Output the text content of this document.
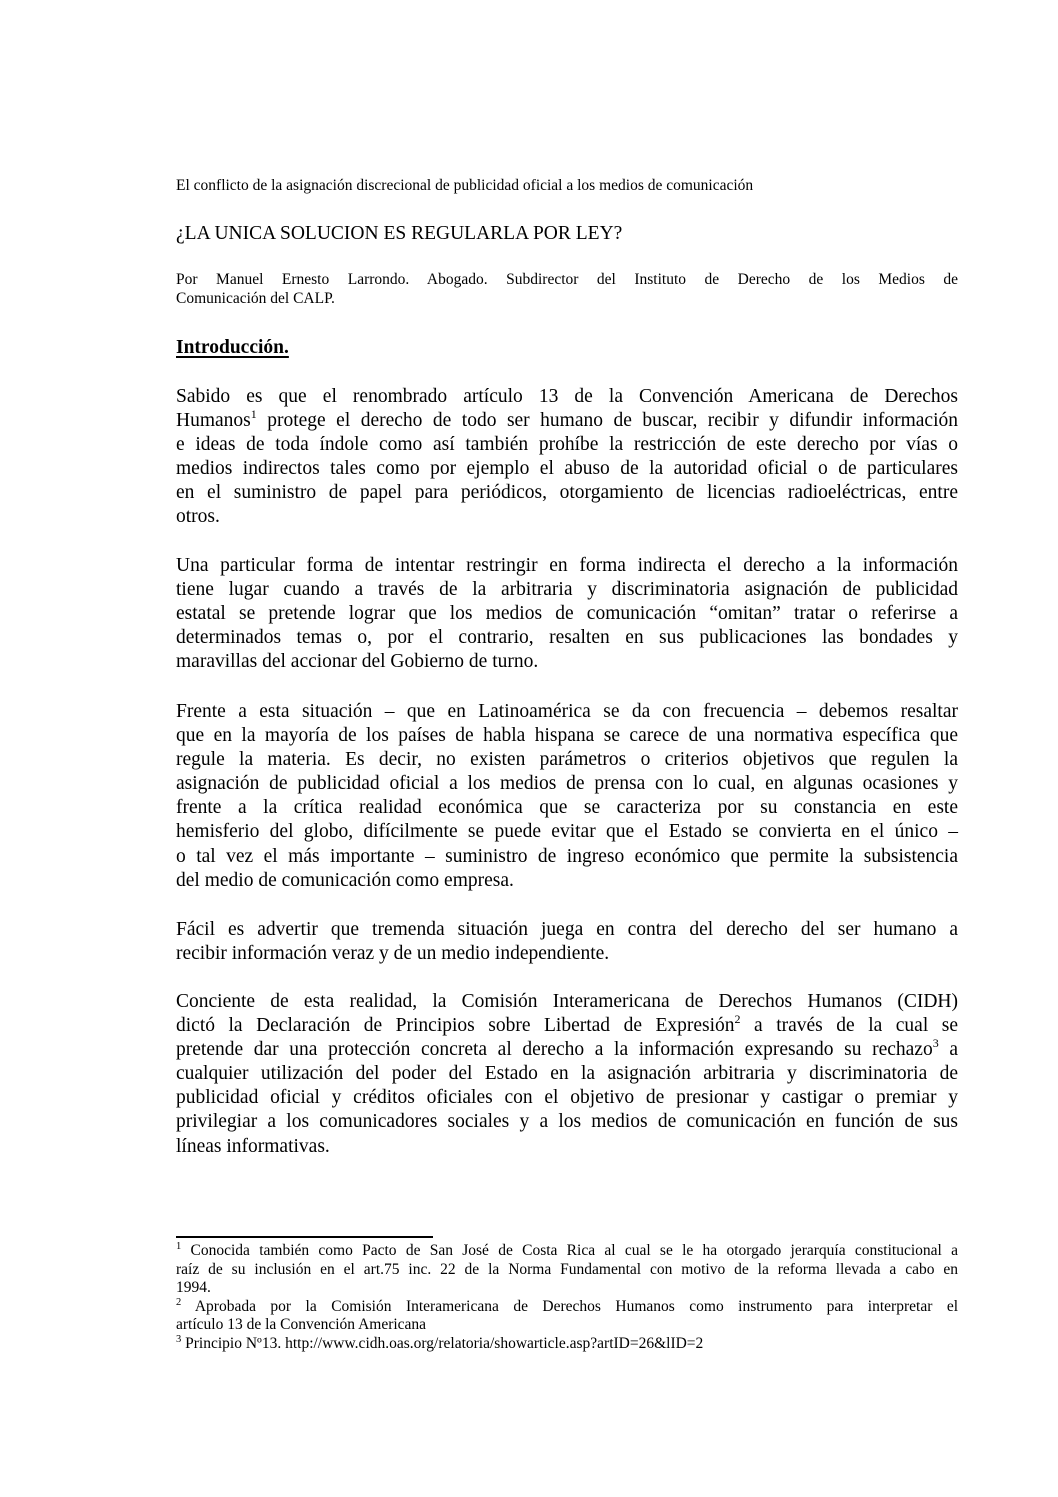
El conflicto de la asignación discrecional de publicidad oficial a los medios de comunicación
¿LA UNICA SOLUCION ES REGULARLA POR LEY?
Por Manuel Ernesto Larrondo. Abogado. Subdirector del Instituto de Derecho de los Medios de
Comunicación del CALP.
Introducción.
Sabido es que el renombrado artículo 13 de la Convención Americana de Derechos
Humanos$^1$ protege el derecho de todo ser humano de buscar, recibir y difundir información
e ideas de toda índole como así también prohíbe la restricción de este derecho por vías o
medios indirectos tales como por ejemplo el abuso de la autoridad oficial o de particulares
en el suministro de papel para periódicos, otorgamiento de licencias radioeléctricas, entre
otros.
Una particular forma de intentar restringir en forma indirecta el derecho a la información
tiene lugar cuando a través de la arbitraria y discriminatoria asignación de publicidad
estatal se pretende lograr que los medios de comunicación “omitan” tratar o referirse a
determinados temas o, por el contrario, resalten en sus publicaciones las bondades y
maravillas del accionar del Gobierno de turno.
Frente a esta situación – que en Latinoamérica se da con frecuencia – debemos resaltar
que en la mayoría de los países de habla hispana se carece de una normativa específica que
regule la materia. Es decir, no existen parámetros o criterios objetivos que regulen la
asignación de publicidad oficial a los medios de prensa con lo cual, en algunas ocasiones y
frente a la crítica realidad económica que se caracteriza por su constancia en este
hemisferio del globo, difícilmente se puede evitar que el Estado se convierta en el único –
o tal vez el más importante – suministro de ingreso económico que permite la subsistencia
del medio de comunicación como empresa.
Fácil es advertir que tremenda situación juega en contra del derecho del ser humano a
recibir información veraz y de un medio independiente.
Conciente de esta realidad, la Comisión Interamericana de Derechos Humanos (CIDH)
dictó la Declaración de Principios sobre Libertad de Expresión$^2$ a través de la cual se
pretende dar una protección concreta al derecho a la información expresando su rechazo$^3$ a
cualquier utilización del poder del Estado en la asignación arbitraria y discriminatoria de
publicidad oficial y créditos oficiales con el objetivo de presionar y castigar o premiar y
privilegiar a los comunicadores sociales y a los medios de comunicación en función de sus
líneas informativas.
$^1$ Conocida también como Pacto de San José de Costa Rica al cual se le ha otorgado jerarquía constitucional a
raíz de su inclusión en el art.75 inc. 22 de la Norma Fundamental con motivo de la reforma llevada a cabo en
1994.
$^2$ Aprobada por la Comisión Interamericana de Derechos Humanos como instrumento para interpretar el
artículo 13 de la Convención Americana
$^3$ Principio Nº13. http://www.cidh.oas.org/relatoria/showarticle.asp?artID=26&lID=2
